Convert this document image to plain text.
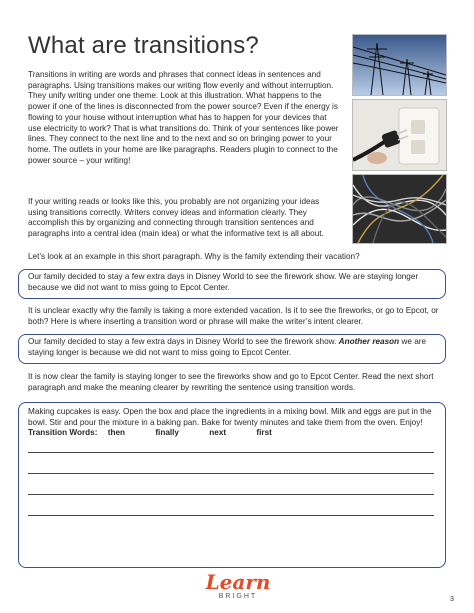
What are transitions?

Transitions in writing are words and phrases that connect ideas in sentences and paragraphs. Using transitions makes our writing flow evenly and without interruption. They unify writing under one theme. Look at this illustration. What happens to the power if one of the lines is disconnected from the power source? Even if the energy is flowing to your house without interruption what has to happen for your devices that use electricity to work? That is what transitions do. Think of your sentences like power lines. They connect to the next line and to the next and so on bringing power to your home. The outlets in your home are like paragraphs. Readers plugin to connect to the power source – your writing!

If your writing reads or looks like this, you probably are not organizing your ideas using transitions correctly. Writers convey ideas and information clearly. They accomplish this by organizing and connecting through transition sentences and paragraphs into a central idea (main idea) or what the informative text is all about.

Let’s look at an example in this short paragraph. Why is the family extending their vacation?

Our family decided to stay a few extra days in Disney World to see the firework show. We are staying longer because we did not want to miss going to Epcot Center.

It is unclear exactly why the family is taking a more extended vacation. Is it to see the fireworks, or go to Epcot, or both? Here is where inserting a transition word or phrase will make the writer’s intent clearer.

Our family decided to stay a few extra days in Disney World to see the firework show. Another reason we are staying longer is because we did not want to miss going to Epcot Center.

It is now clear the family is staying longer to see the fireworks show and go to Epcot Center. Read the next short paragraph and make the meaning clearer by rewriting the sentence using transition words.

Making cupcakes is easy. Open the box and place the ingredients in a mixing bowl. Milk and eggs are put in the bowl. Stir and pour the mixture in a baking pan. Bake for twenty minutes and take them from the oven. Enjoy! Transition Words: then	finally	next	first
Learn
BRIGHT	3
